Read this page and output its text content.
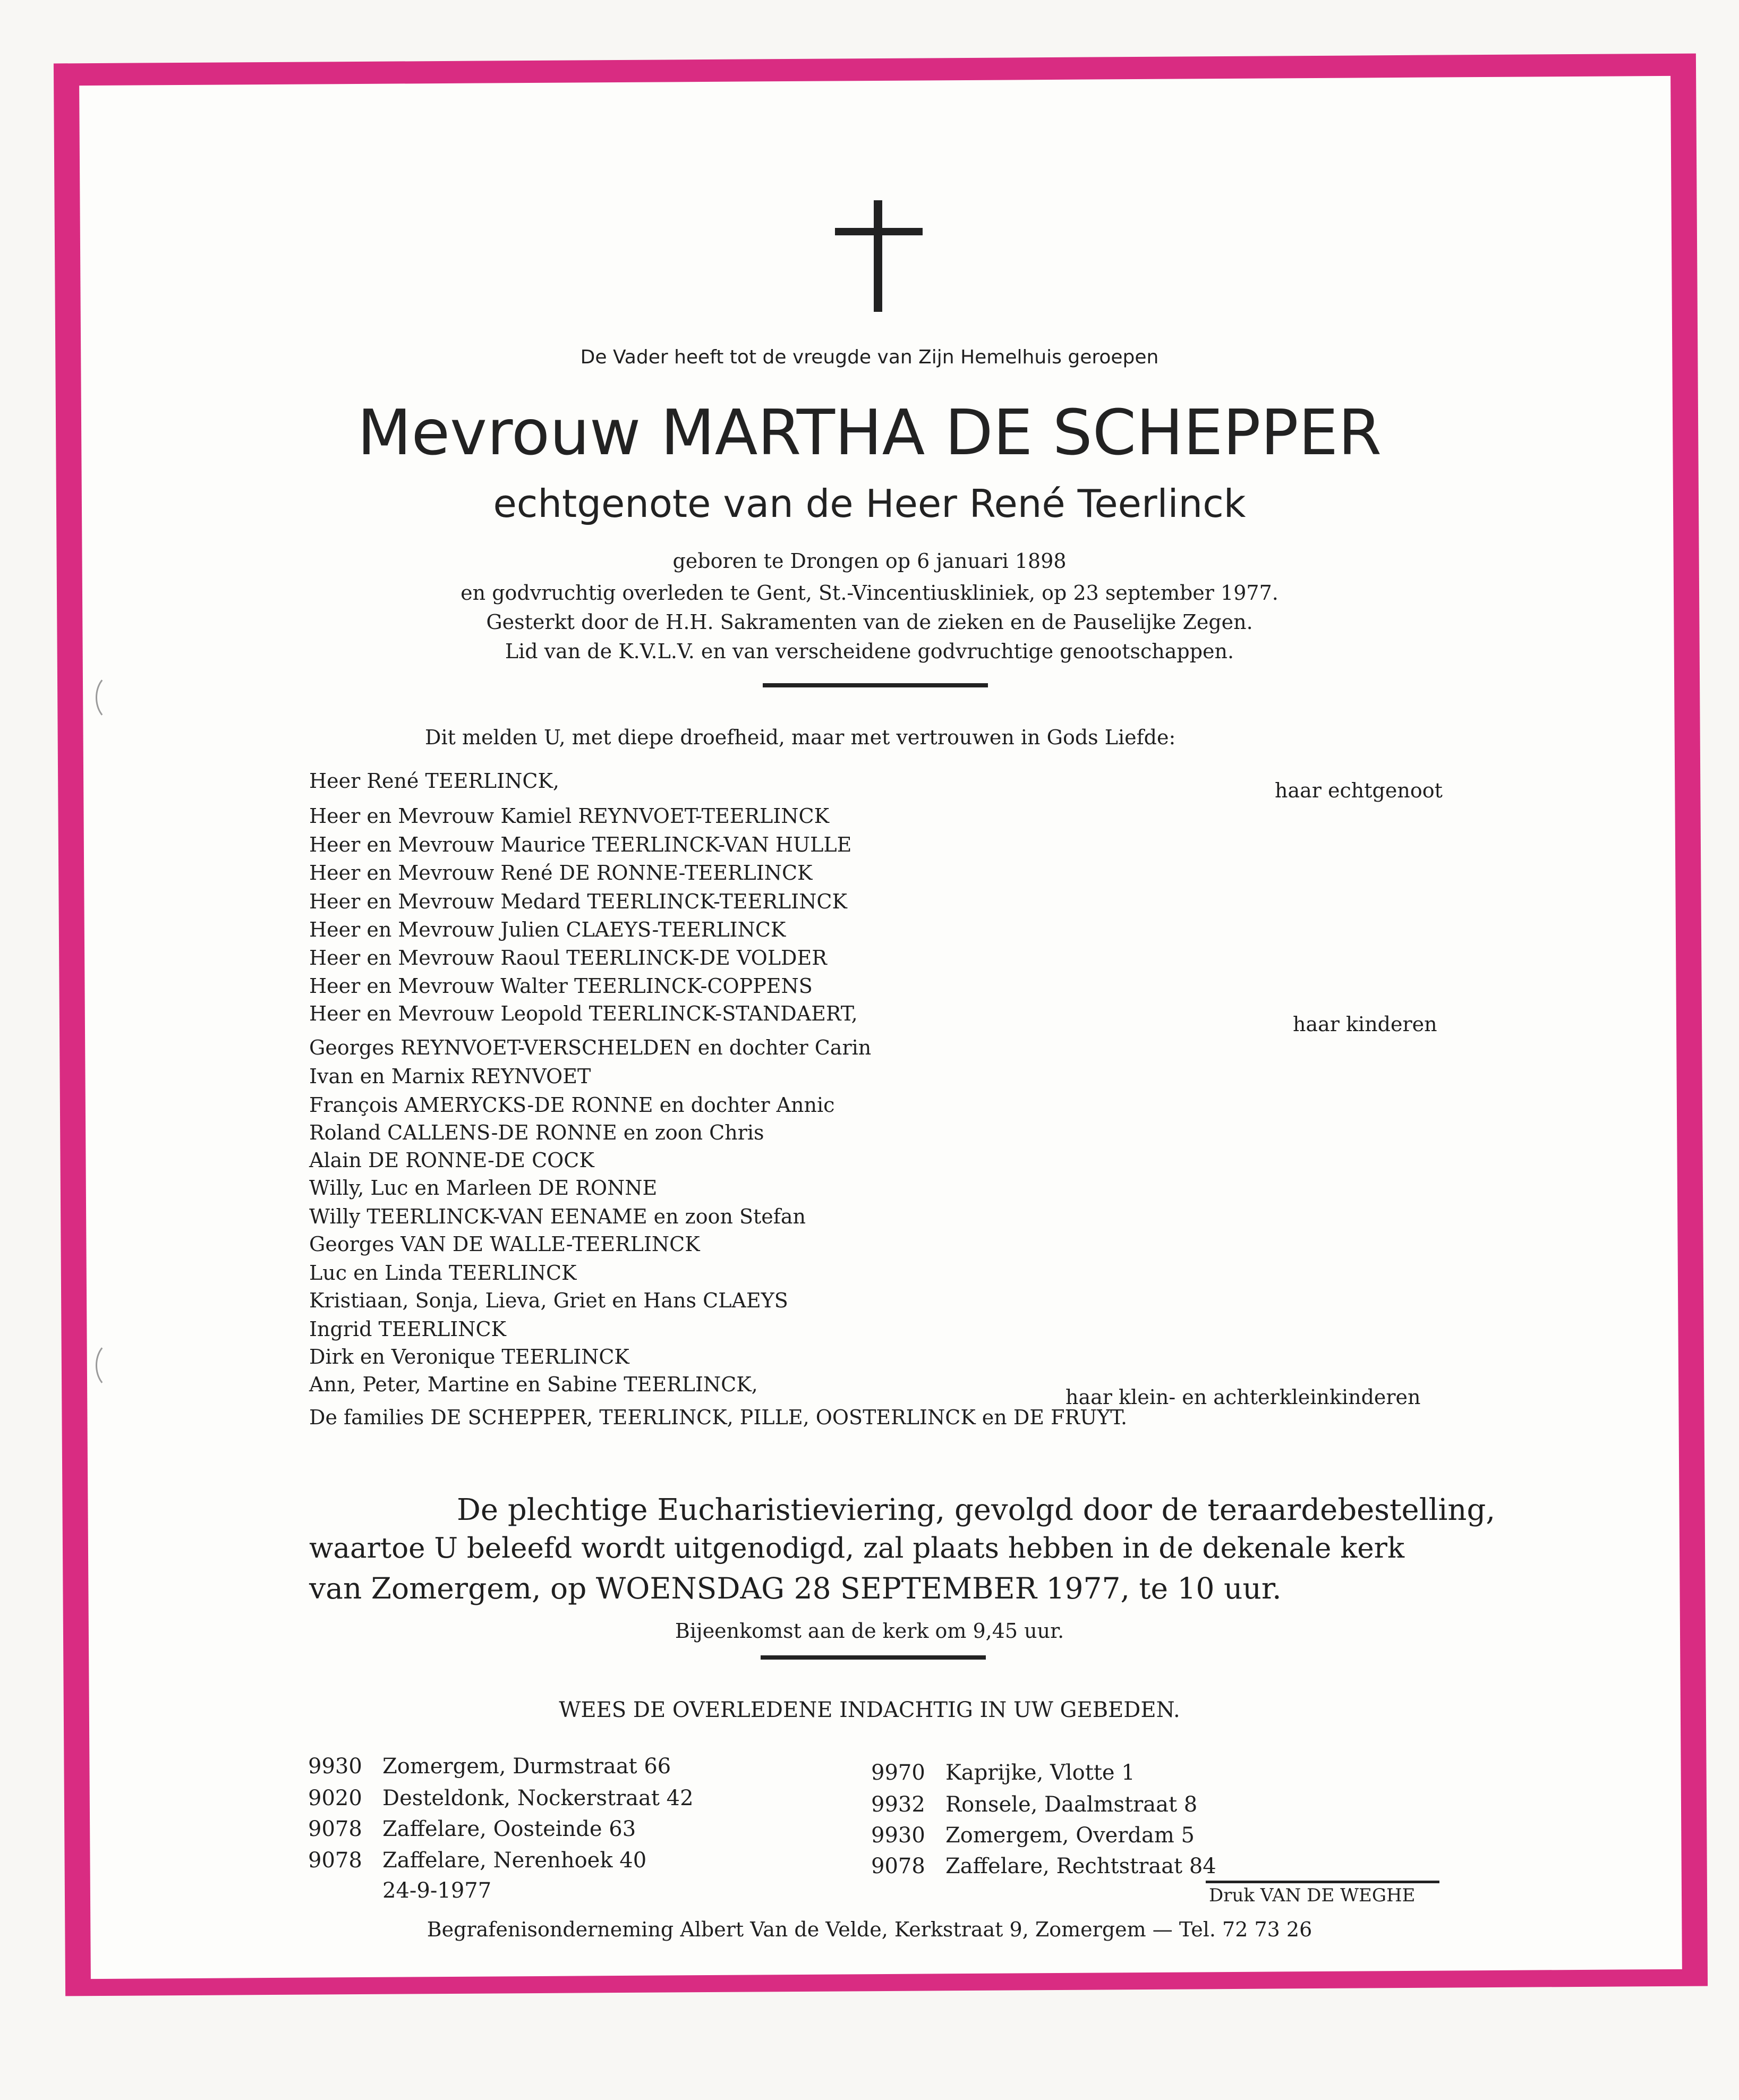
De Vader heeft tot de vreugde van Zijn Hemelhuis geroepen
Mevrouw MARTHA DE SCHEPPER
echtgenote van de Heer René Teerlinck
geboren te Drongen op 6 januari 1898
en godvruchtig overleden te Gent, St.-Vincentiuskliniek, op 23 september 1977.
Gesterkt door de H.H. Sakramenten van de zieken en de Pauselijke Zegen.
Lid van de K.V.L.V. en van verscheidene godvruchtige genootschappen.
Dit melden U, met diepe droefheid, maar met vertrouwen in Gods Liefde:
Heer René TEERLINCK,
Heer en Mevrouw Kamiel REYNVOET-TEERLINCK
Heer en Mevrouw Maurice TEERLINCK-VAN HULLE
Heer en Mevrouw René DE RONNE-TEERLINCK
Heer en Mevrouw Medard TEERLINCK-TEERLINCK
Heer en Mevrouw Julien CLAEYS-TEERLINCK
Heer en Mevrouw Raoul TEERLINCK-DE VOLDER
Heer en Mevrouw Walter TEERLINCK-COPPENS
Heer en Mevrouw Leopold TEERLINCK-STANDAERT,
Georges REYNVOET-VERSCHELDEN en dochter Carin
Ivan en Marnix REYNVOET
François AMERYCKS-DE RONNE en dochter Annic
Roland CALLENS-DE RONNE en zoon Chris
Alain DE RONNE-DE COCK
Willy, Luc en Marleen DE RONNE
Willy TEERLINCK-VAN EENAME en zoon Stefan
Georges VAN DE WALLE-TEERLINCK
Luc en Linda TEERLINCK
Kristiaan, Sonja, Lieva, Griet en Hans CLAEYS
Ingrid TEERLINCK
Dirk en Veronique TEERLINCK
Ann, Peter, Martine en Sabine TEERLINCK,
De families DE SCHEPPER, TEERLINCK, PILLE, OOSTERLINCK en DE FRUYT.
haar echtgenoot
haar kinderen
haar klein- en achterkleinkinderen
De plechtige Eucharistieviering, gevolgd door de teraardebestelling,
waartoe U beleefd wordt uitgenodigd, zal plaats hebben in de dekenale kerk
van Zomergem, op WOENSDAG 28 SEPTEMBER 1977, te 10 uur.
Bijeenkomst aan de kerk om 9,45 uur.
WEES DE OVERLEDENE INDACHTIG IN UW GEBEDEN.
9930 Zomergem, Durmstraat 66
9020 Desteldonk, Nockerstraat 42
9078 Zaffelare, Oosteinde 63
9078 Zaffelare, Nerenhoek 40
24-9-1977
9970 Kaprijke, Vlotte 1
9932 Ronsele, Daalmstraat 8
9930 Zomergem, Overdam 5
9078 Zaffelare, Rechtstraat 84
Druk VAN DE WEGHE
Begrafenisonderneming Albert Van de Velde, Kerkstraat 9, Zomergem — Tel. 72 73 26
